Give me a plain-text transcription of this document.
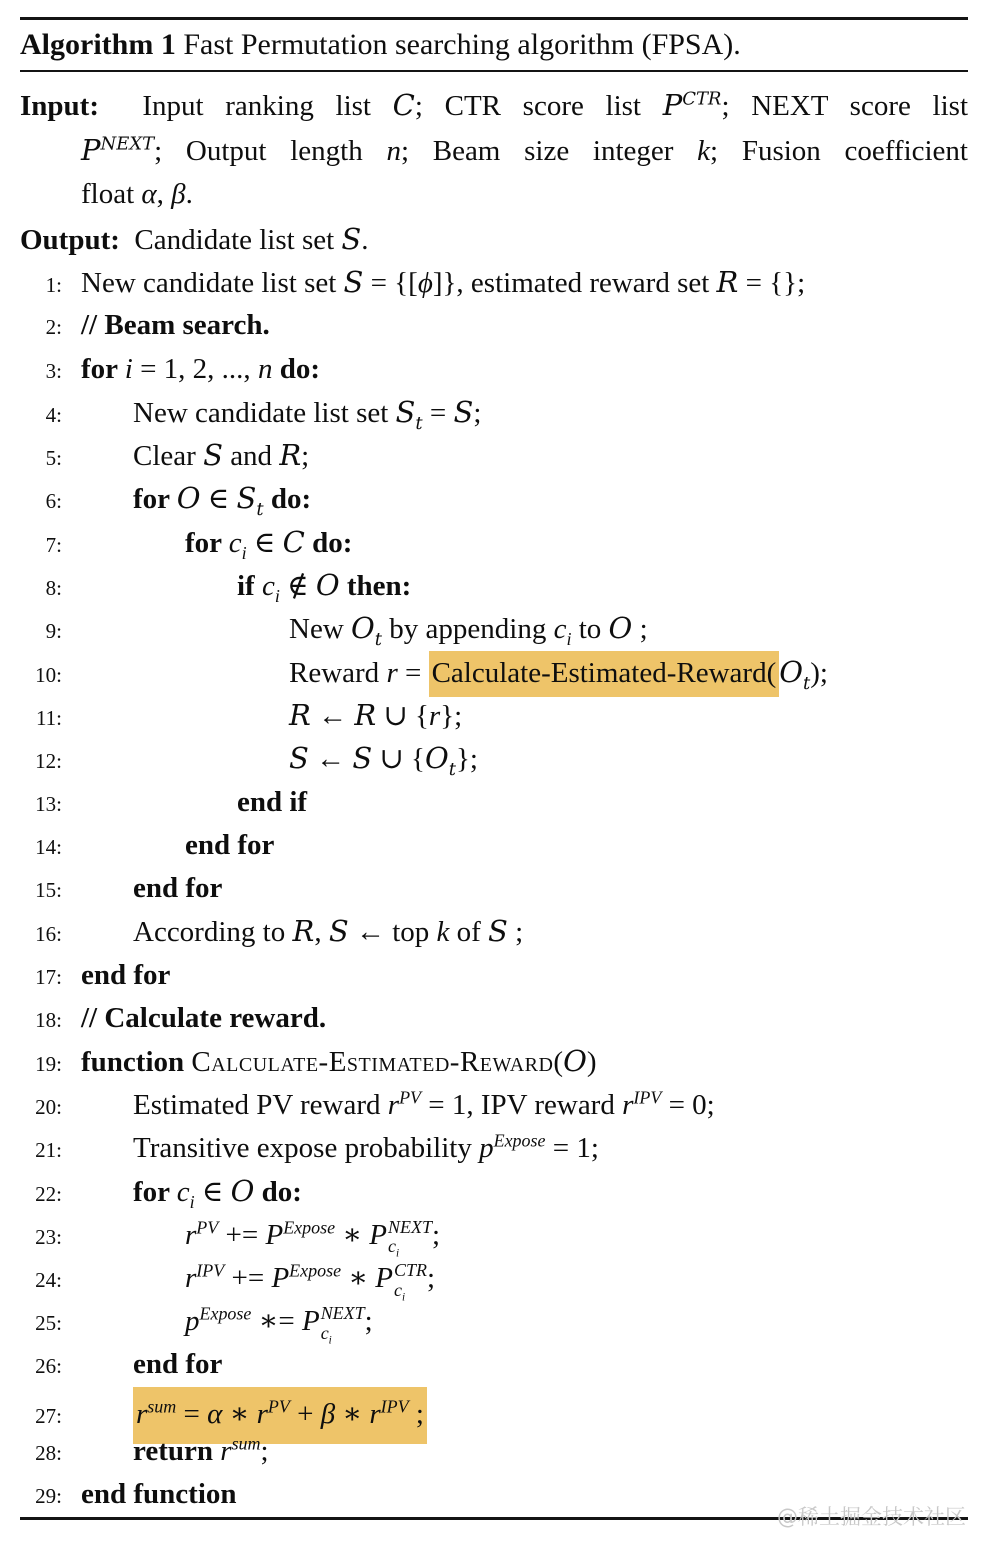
Algorithm 1 Fast Permutation searching algorithm (FPSA).
Input:  Input ranking list C; CTR score list $P^{CTR}$; NEXT score list
$P^{NEXT}$; Output length n; Beam size integer k; Fusion coefficient
float α, β.
Output:  Candidate list set S.
1: New candidate list set S = {[ϕ]}, estimated reward set R = {};
2: // Beam search.
3: for i = 1, 2, ..., n do:
4: New candidate list set $S_t = S$;
5: Clear S and R;
6: for O ∈ $S_t$ do:
7:	for $c_i$ ∈ C do:
8:	if $c_i$ ∉ O then:
9:	New $O_t$ by appending $c_i$ to O ;
10:	Reward r = Calculate-Estimated-Reward( $O_t$);
11:	R ← R ∪ {r};
12:	S ← S ∪ $\{O_t\}$;
13:	end if
14:	end for
15: end for
16: According to R, S ← top k of S ;
17: end for
18: // Calculate reward.
19: function Calculate-Estimated-Reward(O)
20: Estimated PV reward $r^{PV} = 1$, IPV reward $r^{IPV} = 0$;
21: Transitive expose probability $p^{Expose} = 1$;
22: for $c_i$ ∈ O do:
23:	$r^{PV} += P^{Expose}$ ∗ P NEXT
$c_i$
;
24:	$r^{IPV} += P^{Expose}$ ∗ P CTR
$c_i$
;
25:	$p^{Expose}$ ∗= P NEXT
$c_i$
;
26: end for
27:	$r^{sum} = \alpha$ ∗ $r^{PV} + \beta$ ∗ $r^{IPV}$ ;
28: return $r^{sum}$;
29: end function
@稀土掘金技术社区
